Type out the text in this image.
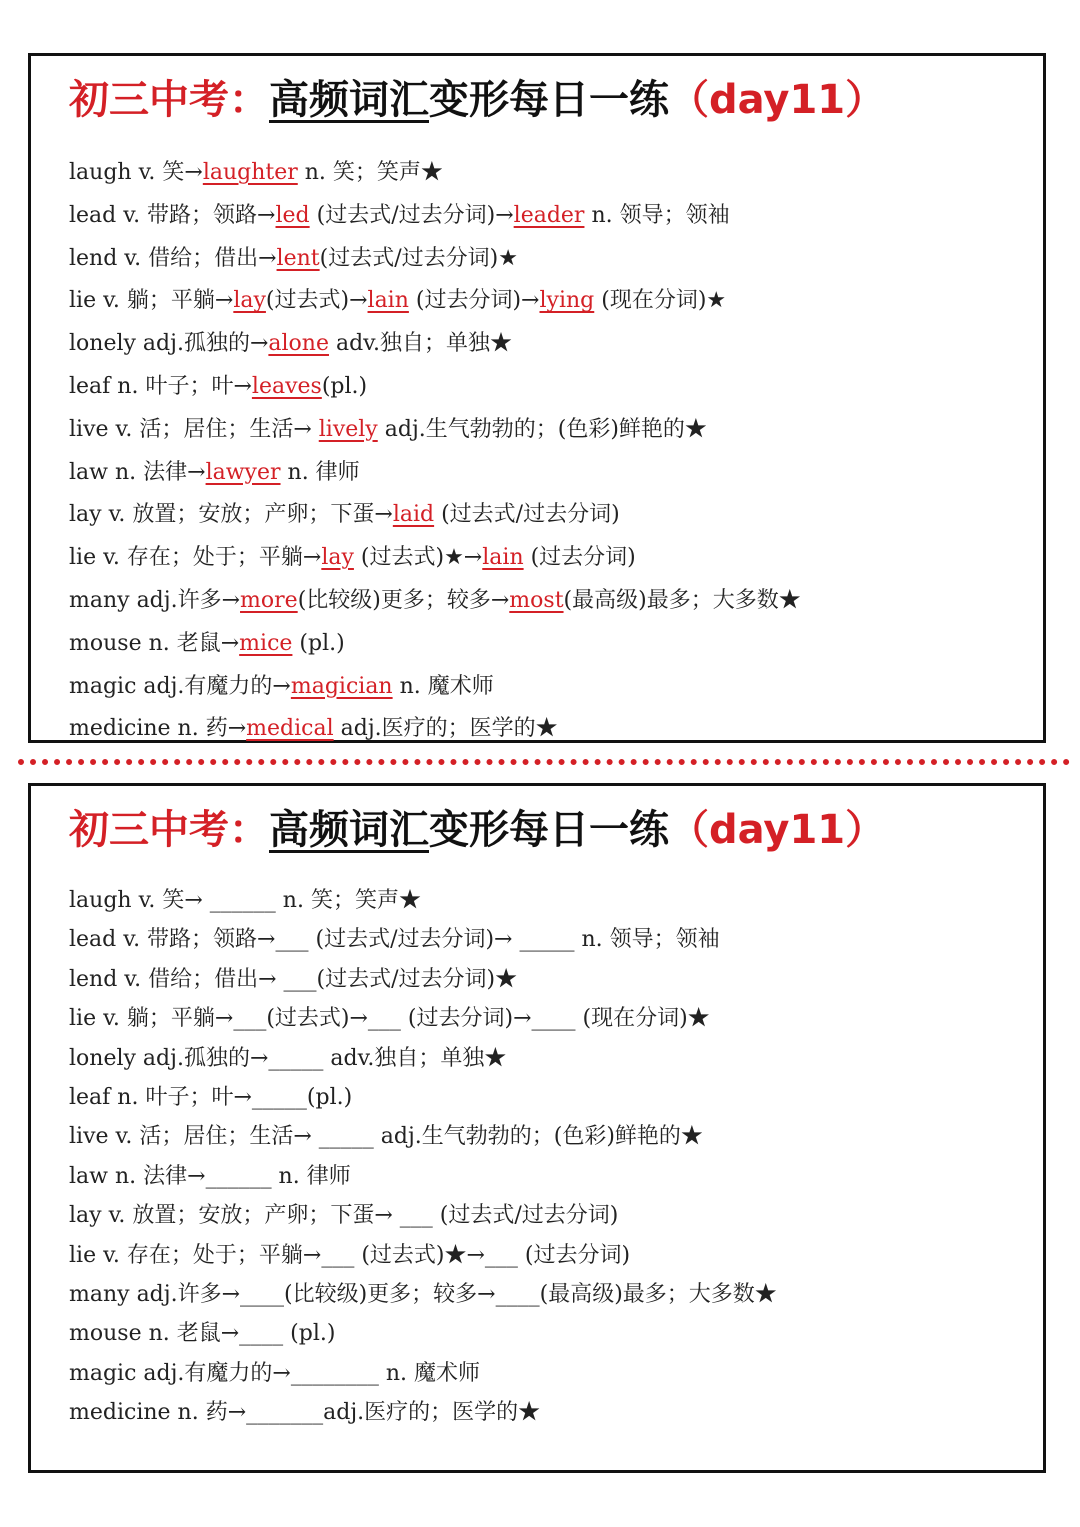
初三中考：高频词汇变形每日一练（day11）
laugh v. 笑→laughter n. 笑；笑声★
lead v. 带路；领路→led (过去式/过去分词)→leader n. 领导；领袖
lend v. 借给；借出→lent(过去式/过去分词)★
lie v. 躺；平躺→lay(过去式)→lain (过去分词)→lying (现在分词)★
lonely adj.孤独的→alone adv.独自；单独★
leaf n. 叶子；叶→leaves(pl.)
live v. 活；居住；生活→ lively adj.生气勃勃的；(色彩)鲜艳的★
law n. 法律→lawyer n. 律师
lay v. 放置；安放；产卵；下蛋→laid (过去式/过去分词)
lie v. 存在；处于；平躺→lay (过去式)★→lain (过去分词)
many adj.许多→more(比较级)更多；较多→most(最高级)最多；大多数★
mouse n. 老鼠→mice (pl.)
magic adj.有魔力的→magician n. 魔术师
medicine n. 药→medical adj.医疗的；医学的★
初三中考：高频词汇变形每日一练（day11）
laugh v. 笑→ ______ n. 笑；笑声★
lead v. 带路；领路→___ (过去式/过去分词)→ _____ n. 领导；领袖
lend v. 借给；借出→ ___(过去式/过去分词)★
lie v. 躺；平躺→___(过去式)→___ (过去分词)→____ (现在分词)★
lonely adj.孤独的→_____ adv.独自；单独★
leaf n. 叶子；叶→_____(pl.)
live v. 活；居住；生活→ _____ adj.生气勃勃的；(色彩)鲜艳的★
law n. 法律→______ n. 律师
lay v. 放置；安放；产卵；下蛋→ ___ (过去式/过去分词)
lie v. 存在；处于；平躺→___ (过去式)★→___ (过去分词)
many adj.许多→____(比较级)更多；较多→____(最高级)最多；大多数★
mouse n. 老鼠→____ (pl.)
magic adj.有魔力的→________ n. 魔术师
medicine n. 药→_______adj.医疗的；医学的★
